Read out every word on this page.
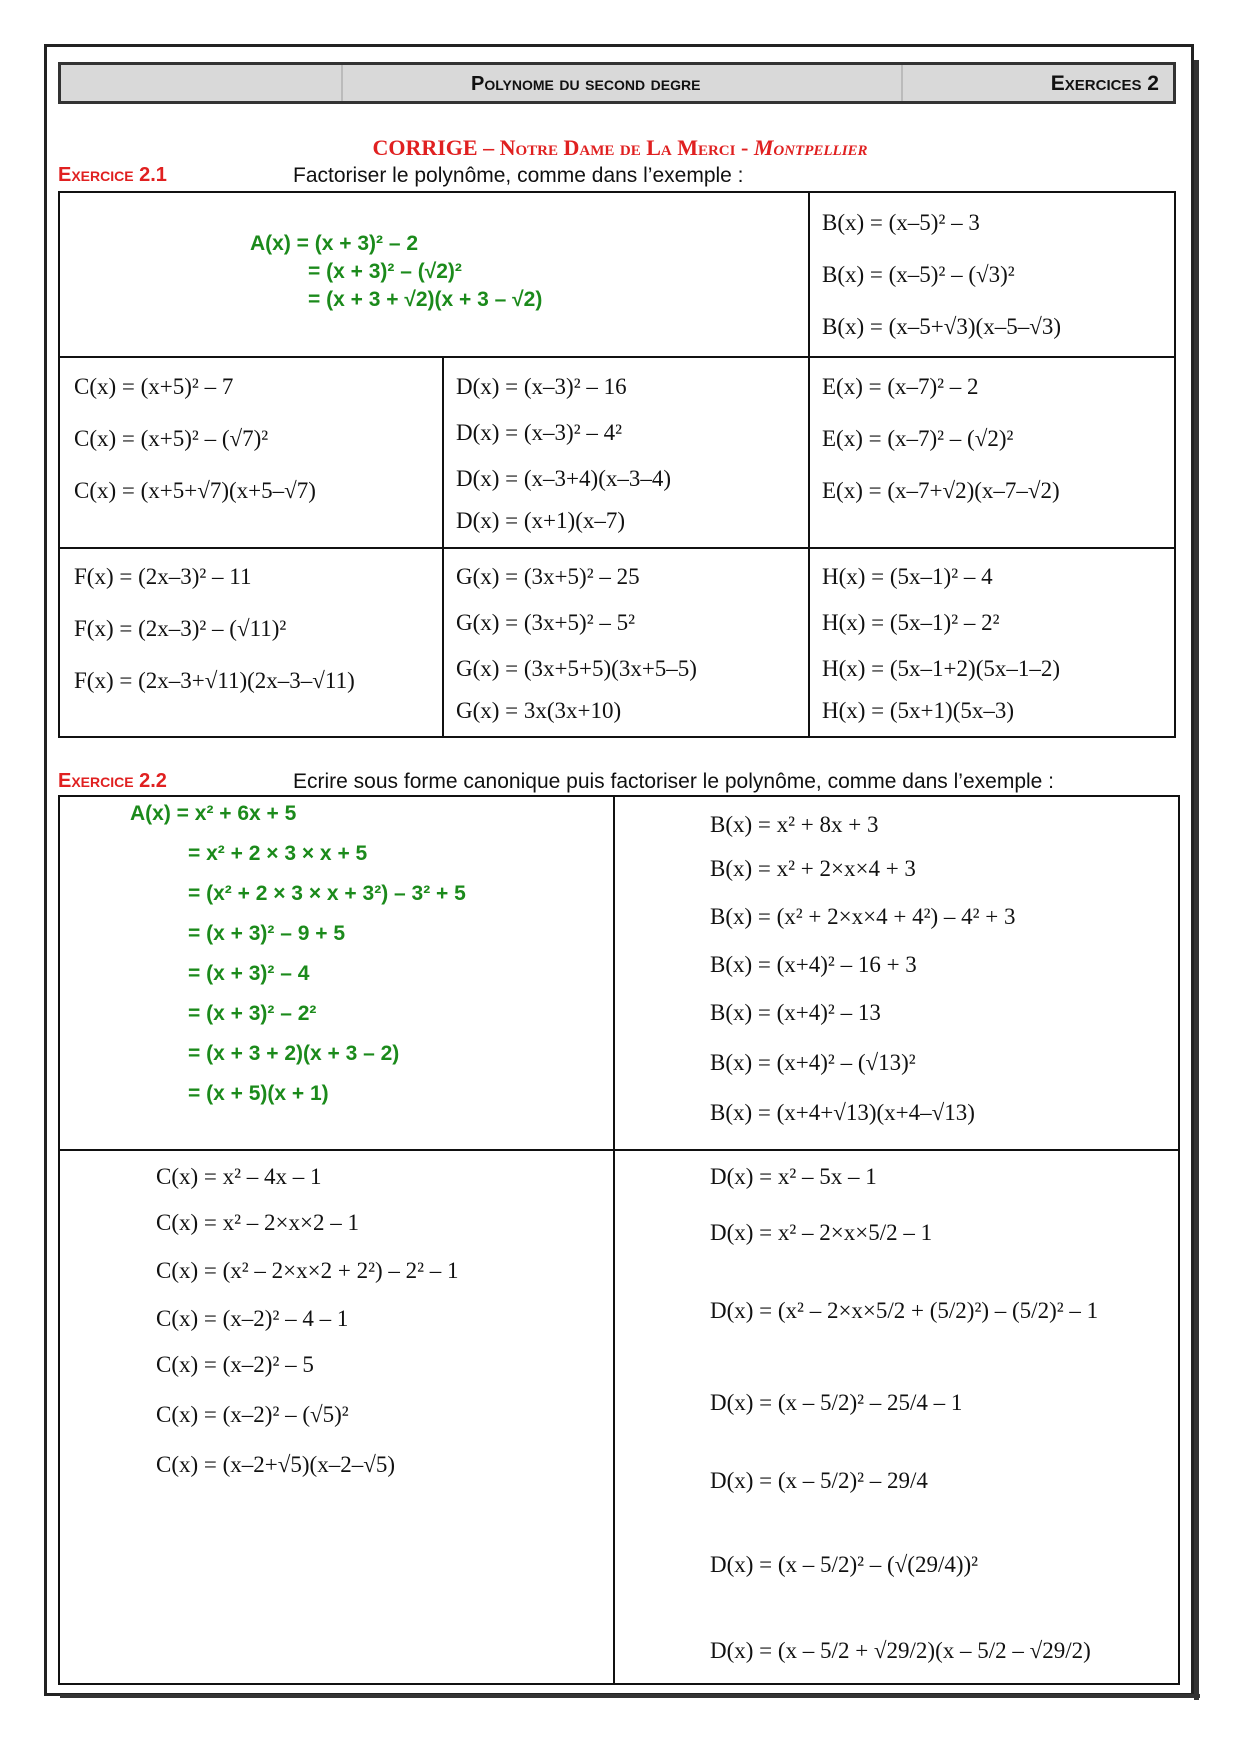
Polynome du second degre	Exercices 2
CORRIGE – Notre Dame de La Merci - Montpellier
Exercice 2.1	Factoriser le polynôme, comme dans l’exemple :
A(x) = (x + 3)² – 2
= (x + 3)² – (√2)²
= (x + 3 + √2)(x + 3 – √2)
B(x) = (x–5)² – 3
B(x) = (x–5)² – (√3)²
B(x) = (x–5+√3)(x–5–√3)
C(x) = (x+5)² – 7
C(x) = (x+5)² – (√7)²
C(x) = (x+5+√7)(x+5–√7)
D(x) = (x–3)² – 16
D(x) = (x–3)² – 4²
D(x) = (x–3+4)(x–3–4)
D(x) = (x+1)(x–7)
E(x) = (x–7)² – 2
E(x) = (x–7)² – (√2)²
E(x) = (x–7+√2)(x–7–√2)
F(x) = (2x–3)² – 11
F(x) = (2x–3)² – (√11)²
F(x) = (2x–3+√11)(2x–3–√11)
G(x) = (3x+5)² – 25
G(x) = (3x+5)² – 5²
G(x) = (3x+5+5)(3x+5–5)
G(x) = 3x(3x+10)
H(x) = (5x–1)² – 4
H(x) = (5x–1)² – 2²
H(x) = (5x–1+2)(5x–1–2)
H(x) = (5x+1)(5x–3)
Exercice 2.2	Ecrire sous forme canonique puis factoriser le polynôme, comme dans l’exemple :
A(x) = x² + 6x + 5
= x² + 2 × 3 × x + 5
= (x² + 2 × 3 × x + 3²) – 3² + 5
= (x + 3)² – 9 + 5
= (x + 3)² – 4
= (x + 3)² – 2²
= (x + 3 + 2)(x + 3 – 2)
= (x + 5)(x + 1)
B(x) = x² + 8x + 3
B(x) = x² + 2×x×4 + 3
B(x) = (x² + 2×x×4 + 4²) – 4² + 3
B(x) = (x+4)² – 16 + 3
B(x) = (x+4)² – 13
B(x) = (x+4)² – (√13)²
B(x) = (x+4+√13)(x+4–√13)
C(x) = x² – 4x – 1
C(x) = x² – 2×x×2 – 1
C(x) = (x² – 2×x×2 + 2²) – 2² – 1
C(x) = (x–2)² – 4 – 1
C(x) = (x–2)² – 5
C(x) = (x–2)² – (√5)²
C(x) = (x–2+√5)(x–2–√5)
D(x) = x² – 5x – 1
D(x) = x² – 2×x×5/2 – 1
D(x) = (x² – 2×x×5/2 + (5/2)²) – (5/2)² – 1
D(x) = (x – 5/2)² – 25/4 – 1
D(x) = (x – 5/2)² – 29/4
D(x) = (x – 5/2)² – (√(29/4))²
D(x) = (x – 5/2 + √29/2)(x – 5/2 – √29/2)
